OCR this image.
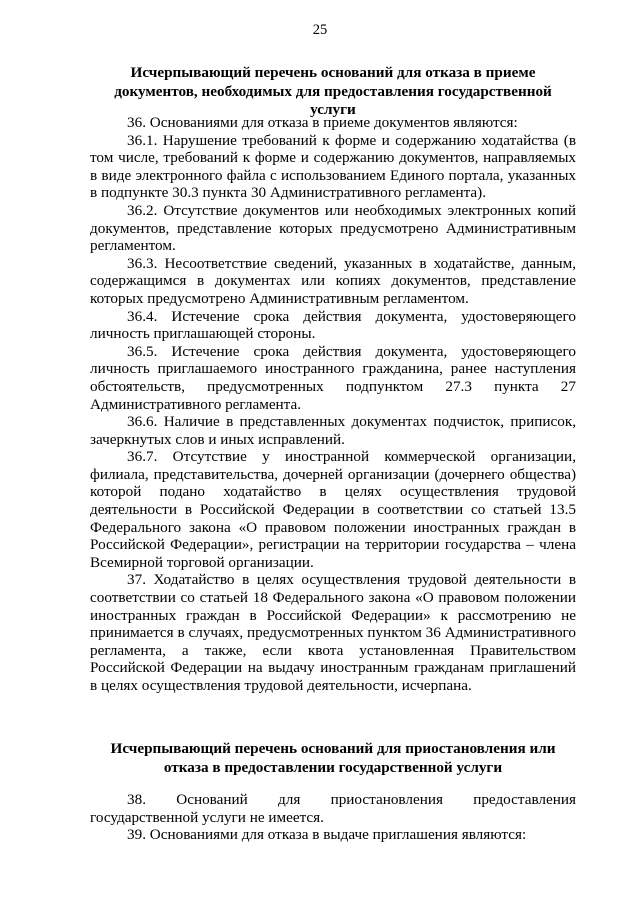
25
Исчерпывающий перечень оснований для отказа в приеме документов, необходимых для предоставления государственной услуги

36. Основаниями для отказа в приеме документов являются:

36.1. Нарушение требований к форме и содержанию ходатайства (в том числе, требований к форме и содержанию документов, направляемых в виде электронного файла с использованием Единого портала, указанных в подпункте 30.3 пункта 30 Административного регламента).

36.2. Отсутствие документов или необходимых электронных копий документов, представление которых предусмотрено Административным регламентом.

36.3. Несоответствие сведений, указанных в ходатайстве, данным, содержащимся в документах или копиях документов, представление которых предусмотрено Административным регламентом.

36.4. Истечение срока действия документа, удостоверяющего личность приглашающей стороны.

36.5. Истечение срока действия документа, удостоверяющего личность приглашаемого иностранного гражданина, ранее наступления обстоятельств, предусмотренных подпунктом 27.3 пункта 27 Административного регламента.

36.6. Наличие в представленных документах подчисток, приписок, зачеркнутых слов и иных исправлений.

36.7. Отсутствие у иностранной коммерческой организации, филиала, представительства, дочерней организации (дочернего общества) которой подано ходатайство в целях осуществления трудовой деятельности в Российской Федерации в соответствии со статьей 13.5 Федерального закона «О правовом положении иностранных граждан в Российской Федерации», регистрации на территории государства – члена Всемирной торговой организации.

37. Ходатайство в целях осуществления трудовой деятельности в соответствии со статьей 18 Федерального закона «О правовом положении иностранных граждан в Российской Федерации» к рассмотрению не принимается в случаях, предусмотренных пунктом 36 Административного регламента, а также, если квота установленная Правительством Российской Федерации на выдачу иностранным гражданам приглашений в целях осуществления трудовой деятельности, исчерпана.

Исчерпывающий перечень оснований для приостановления или отказа в предоставлении государственной услуги

38. Оснований для приостановления предоставления государственной услуги не имеется.

39. Основаниями для отказа в выдаче приглашения являются:
